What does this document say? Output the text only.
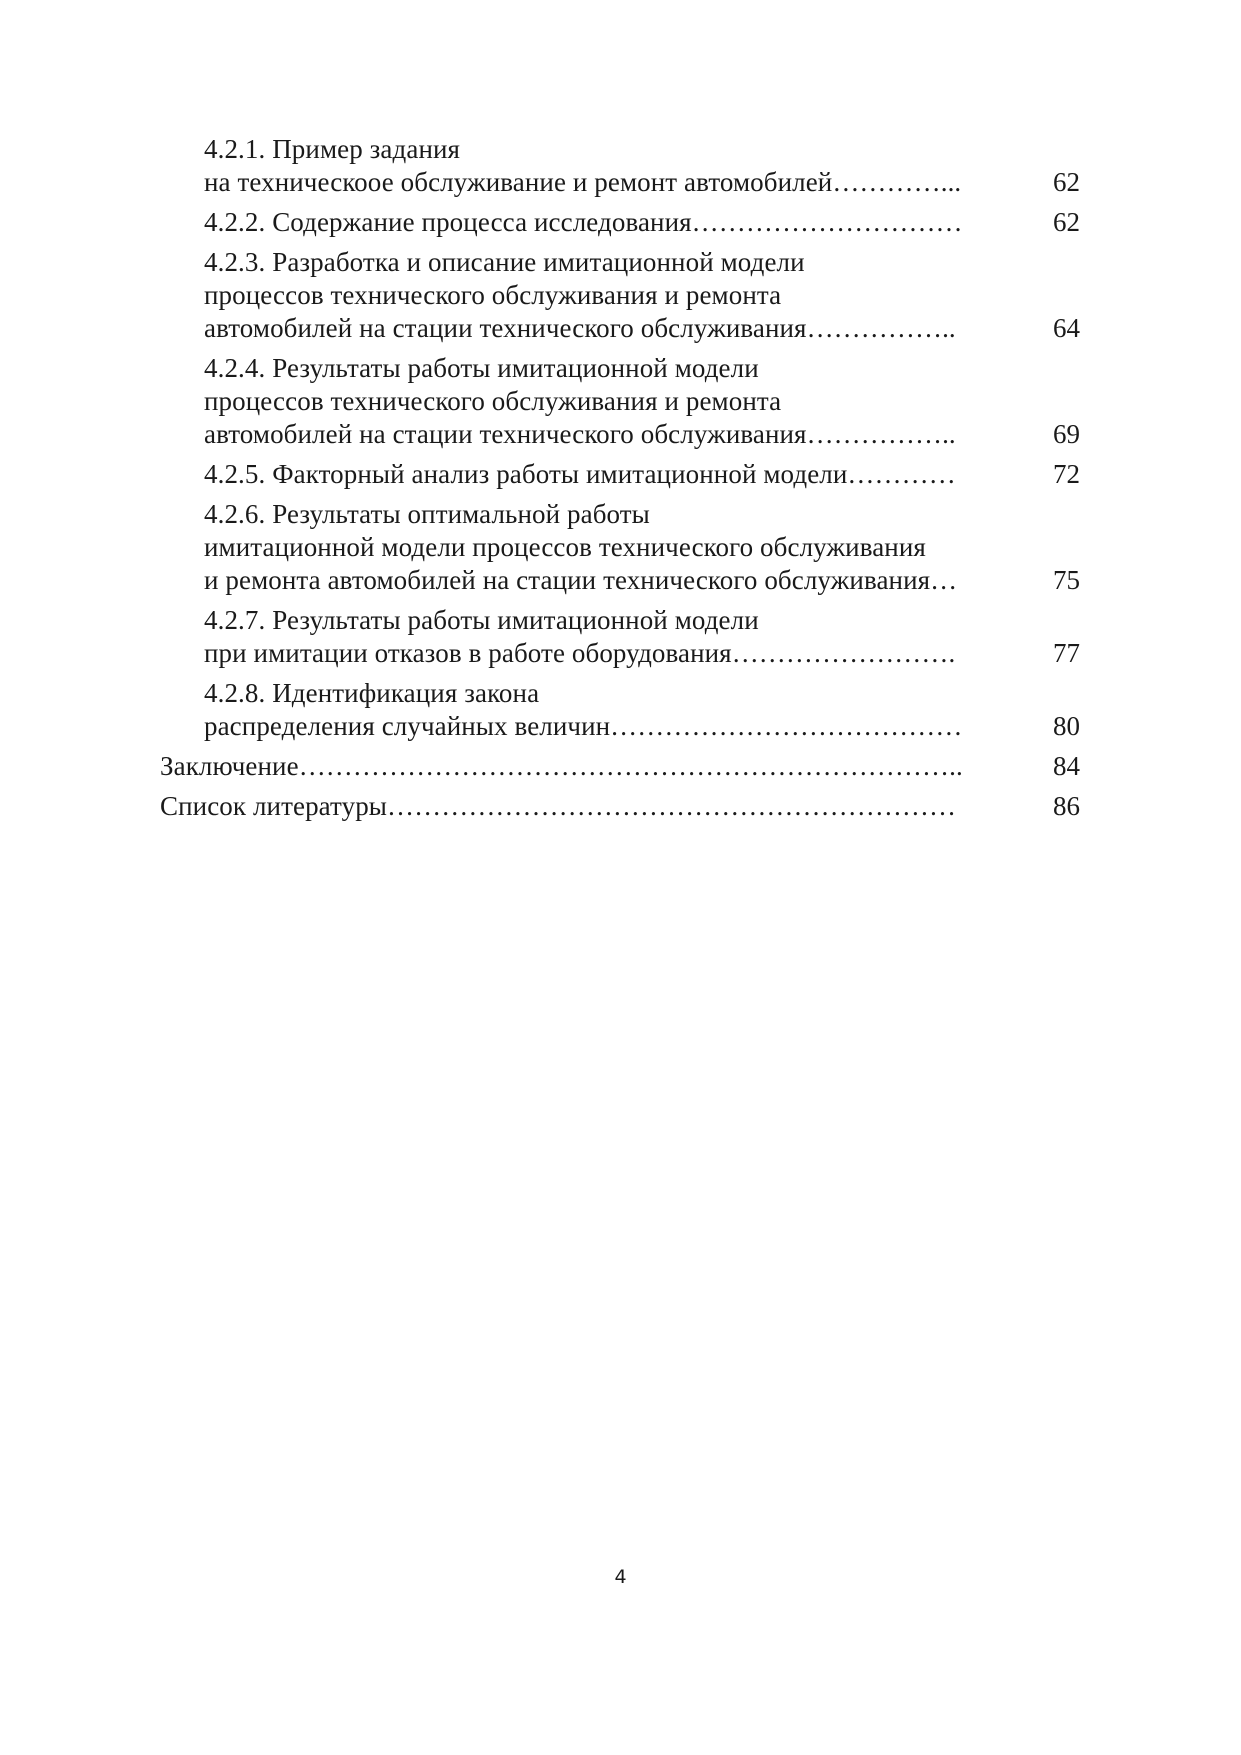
4.2.1. Пример задания
на техническоое обслуживание и ремонт автомобилей…………...	62
4.2.2. Содержание процесса исследования…………………………	62
4.2.3. Разработка и описание имитационной модели
процессов технического обслуживания и ремонта
автомобилей на стации технического обслуживания……………..	64
4.2.4. Результаты работы имитационной модели
процессов технического обслуживания и ремонта
автомобилей на стации технического обслуживания……………..	69
4.2.5. Факторный анализ работы имитационной модели…………	72
4.2.6. Результаты оптимальной работы
имитационной модели процессов технического обслуживания
и ремонта автомобилей на стации технического обслуживания…	75
4.2.7. Результаты работы имитационной модели
при имитации отказов в работе оборудования…………………….	77
4.2.8. Идентификация закона
распределения случайных величин…………………………………	80
Заключение………………………………………………………………..	84
Список литературы………………………………………………………	86
4
